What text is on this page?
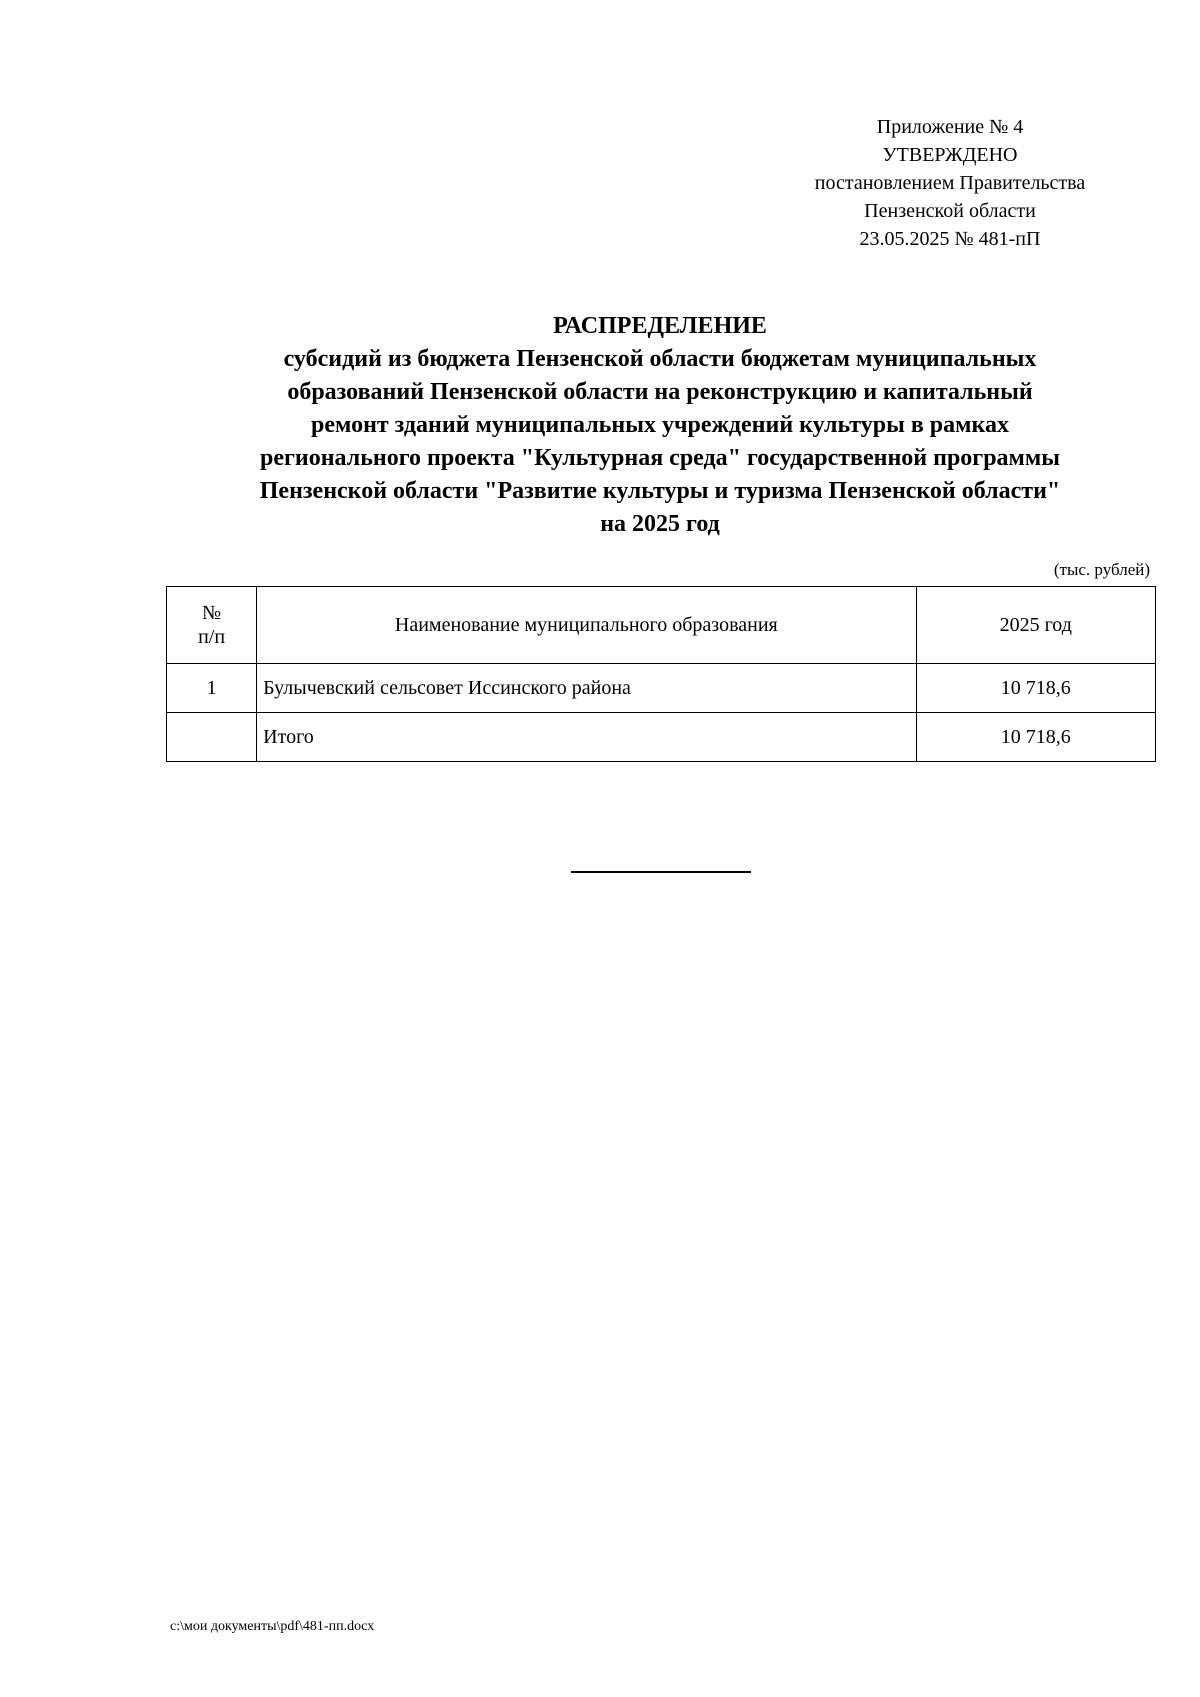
Приложение № 4
УТВЕРЖДЕНО
постановлением Правительства
Пензенской области
23.05.2025 № 481-пП
РАСПРЕДЕЛЕНИЕ
субсидий из бюджета Пензенской области бюджетам муниципальных
образований Пензенской области на реконструкцию и капитальный
ремонт зданий муниципальных учреждений культуры в рамках
регионального проекта "Культурная среда" государственной программы
Пензенской области "Развитие культуры и туризма Пензенской области"
на 2025 год
(тыс. рублей)
№
п/п	Наименование муниципального образования	2025 год
1	Булычевский сельсовет Иссинского района	10 718,6
	Итого	10 718,6
c:\мои документы\pdf\481-пп.docx
